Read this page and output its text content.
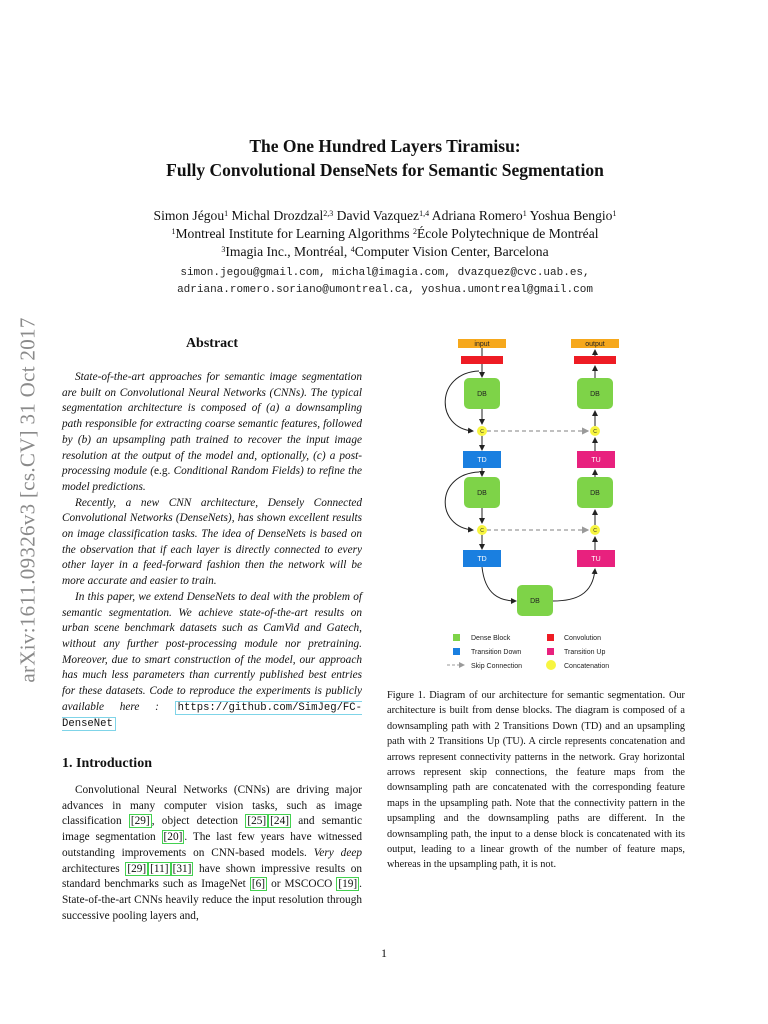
arXiv:1611.09326v3 [cs.CV] 31 Oct 2017
The One Hundred Layers Tiramisu:
Fully Convolutional DenseNets for Semantic Segmentation
Simon Jégou$^1$ Michal Drozdzal$^{2,3}$ David Vazquez$^{1,4}$ Adriana Romero$^1$ Yoshua Bengio$^1$
$^1$Montreal Institute for Learning Algorithms $^2$École Polytechnique de Montréal
$^3$Imagia Inc., Montréal, $^4$Computer Vision Center, Barcelona
simon.jegou@gmail.com, michal@imagia.com, dvazquez@cvc.uab.es,
adriana.romero.soriano@umontreal.ca, yoshua.umontreal@gmail.com
Abstract

State-of-the-art approaches for semantic image segmentation are built on Convolutional Neural Networks (CNNs). The typical segmentation architecture is composed of (a) a downsampling path responsible for extracting coarse semantic features, followed by (b) an upsampling path trained to recover the input image resolution at the output of the model and, optionally, (c) a post-processing module (e.g. Conditional Random Fields) to refine the model predictions.

Recently, a new CNN architecture, Densely Connected Convolutional Networks (DenseNets), has shown excellent results on image classification tasks. The idea of DenseNets is based on the observation that if each layer is directly connected to every other layer in a feed-forward fashion then the network will be more accurate and easier to train.

In this paper, we extend DenseNets to deal with the problem of semantic segmentation. We achieve state-of-the-art results on urban scene benchmark datasets such as CamVid and Gatech, without any further post-processing module nor pretraining. Moreover, due to smart construction of the model, our approach has much less parameters than currently published best entries for these datasets. Code to reproduce the experiments is publicly available here : https://github.com/SimJeg/FC-DenseNet

1. Introduction

Convolutional Neural Networks (CNNs) are driving major advances in many computer vision tasks, such as image classification [29] , object detection [25] [24] and semantic image segmentation [20] . The last few years have witnessed outstanding improvements on CNN-based models. Very deep architectures [29] [11] [31] have shown impressive results on standard benchmarks such as ImageNet [6] or MSCOCO [19] . State-of-the-art CNNs heavily reduce the input resolution through successive pooling layers and,

input	output
DB
C
TD
DB
C
TD
DB
TU
C
DB
TU
C
DB
Dense Block	Convolution
Transition Down	Transition Up
Skip Connection	Concatenation
Figure 1. Diagram of our architecture for semantic segmentation. Our architecture is built from dense blocks. The diagram is composed of a downsampling path with 2 Transitions Down (TD) and an upsampling path with 2 Transitions Up (TU). A circle represents concatenation and arrows represent connectivity patterns in the network. Gray horizontal arrows represent skip connections, the feature maps from the downsampling path are concatenated with the corresponding feature maps in the upsampling path. Note that the connectivity pattern in the upsampling and the downsampling paths are different. In the downsampling path, the input to a dense block is concatenated with its output, leading to a linear growth of the number of feature maps, whereas in the upsampling path, it is not.
1
